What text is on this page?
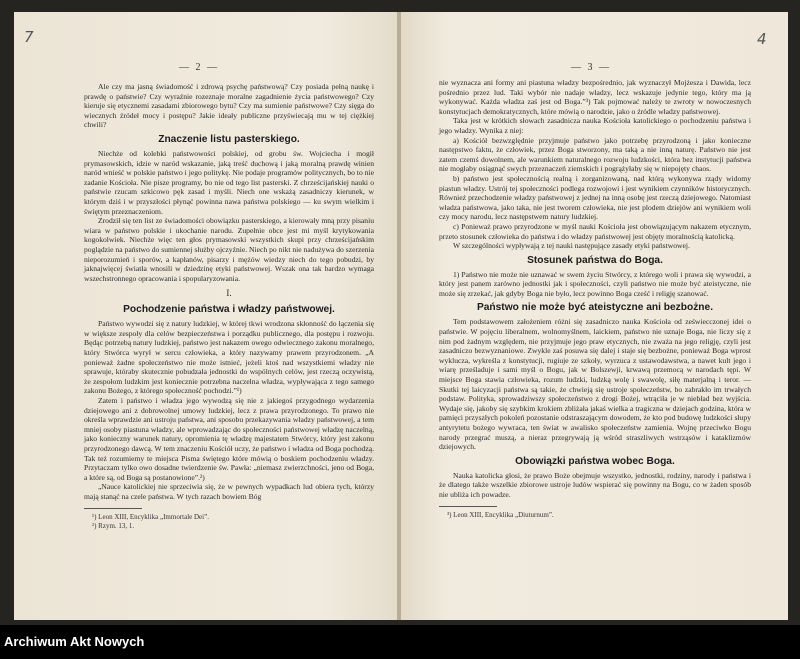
7
— 2 —

Ale czy ma jasną świadomość i zdrową psychę państwową? Czy posiada pełną naukę i prawdę o państwie? Czy wyraźnie rozeznaje moralne zagadnienie życia państwowego? Czy kieruje się etycznemi zasadami zbiorowego bytu? Czy ma sumienie państwowe? Czy sięga do wiecznych źródeł mocy i postępu? Jakie ideały publiczne przyświecają mu w tej ciężkiej chwili?

Znaczenie listu pasterskiego.

Niechże od kolebki państwowości polskiej, od grobu św. Wojciecha i mogił prymasowskich, idzie w naród wskazanie, jaką treść duchową i jaką moralną prawdę winien naród wnieść w polskie państwo i jego politykę. Nie podaje programów politycznych, bo to nie zadanie Kościoła. Nie pisze programy, bo nie od tego list pasterski. Z chrześcijańskiej nauki o państwie rzucam szkicowo pęk zasad i myśli. Niech one wskażą zasadniczy kierunek, w którym dziś i w przyszłości płynąć powinna nawa państwa polskiego — ku swym wielkim i świętym przeznaczeniom.

Zrodził się ten list ze świadomości obowiązku pasterskiego, a kierowały mną przy pisaniu wiara w państwo polskie i ukochanie narodu. Zupełnie obce jest mi myśl krytykowania kogokolwiek. Niechże więc ten głos prymasowski wszystkich skupi przy chrześcijańskim poglądzie na państwo do sumiennej służby ojczyźnie. Niech po nikt nie nadużywa do szerzenia nieporozumień i sporów, a kapłanów, pisarzy i mężów wiedzy niech do tego pobudzi, by jaknajwięcej światła wnosili w dziedzinę etyki państwowej. Wszak ona tak bardzo wymaga wszechstronnego opracowania i spopularyzowania.

I.
Pochodzenie państwa i władzy państwowej.

Państwo wywodzi się z natury ludzkiej, w której tkwi wrodzona skłonność do łączenia się w większe zespoły dla celów bezpieczeństwa i porządku publicznego, dla postępu i rozwoju. Będąc potrzebą natury ludzkiej, państwo jest nakazem owego odwiecznego zakonu moralnego, który Stwórca wyrył w sercu człowieka, a który nazywamy prawem przyrodzonem. „A ponieważ żadne społeczeństwo nie może istnieć, jeżeli ktoś nad wszystkiemi władzy nie sprawuje, któraby skutecznie pobudzała jednostki do wspólnych celów, jest rzeczą oczywistą, że zespołom ludzkim jest koniecznie potrzebna naczelna władza, wypływająca z tego samego zakonu Bożego, z którego społeczność pochodzi.”¹)

Zatem i państwo i władza jego wywodzą się nie z jakiegoś przygodnego wydarzenia dziejowego ani z dobrowolnej umowy ludzkiej, lecz z prawa przyrodzonego. To prawo nie określa wprawdzie ani ustroju państwa, ani sposobu przekazywania władzy państwowej, a tem mniej osoby piastuna władzy, ale wprowadzając do społeczności państwowej władzę naczelną, jako konieczny warunek natury, opromienia tę władzę majestatem Stwórcy, który jest zakonu przyrodzonego dawcą. W tem znaczeniu Kościół uczy, że państwo i władza od Boga pochodzą. Tak też rozumiemy te miejsca Pisma świętego które mówią o boskiem pochodzeniu władzy. Przytaczam tylko owo dosadne twierdzenie św. Pawła: „niemasz zwierzchności, jeno od Boga, a które są, od Boga są postanowione”.²)

„Nauce katolickiej nie sprzeciwia się, że w pewnych wypadkach lud obiera tych, którzy mają stanąć na czele państwa. W tych razach bowiem Bóg

¹) Leon XIII, Encyklika „Immortale Dei”.
²) Rzym. 13, 1.
4
— 3 —

nie wyznacza ani formy ani piastuna władzy bezpośrednio, jak wyznaczył Mojżesza i Dawida, lecz pośrednio przez lud. Taki wybór nie nadaje władzy, lecz wskazuje jedynie tego, który ma ją wykonywać. Każda władza zaś jest od Boga.”³) Tak pojmować należy te zwroty w nowoczesnych konstytucjach demokratycznych, które mówią o narodzie, jako o źródle władzy państwowej.

Taka jest w krótkich słowach zasadnicza nauka Kościoła katolickiego o pochodzeniu państwa i jego władzy. Wynika z niej:

a) Kościół bezwzględnie przyjmuje państwo jako potrzebę przyrodzoną i jako konieczne następstwo faktu, że człowiek, przez Boga stworzony, ma taką a nie inną naturę. Państwo nie jest zatem czemś dowolnem, ale warunkiem naturalnego rozwoju ludzkości, która bez instytucji państwa nie mogłaby osiągnąć swych przeznaczeń ziemskich i pogrążyłaby się w niepojęty chaos.

b) państwo jest społecznością realną i zorganizowaną, nad którą wykonywa rządy widomy piastun władzy. Ustrój tej społeczności podlega rozwojowi i jest wynikiem czynników historycznych. Również przechodzenie władzy państwowej z jednej na inną osobę jest rzeczą dziejowego. Natomiast władza państwowa, jako taka, nie jest tworem człowieka, nie jest plodem dziejów ani wynikiem woli czy mocy narodu, lecz następstwem natury ludzkiej.

c) Ponieważ prawo przyrodzone w myśl nauki Kościoła jest obowiązującym nakazem etycznym, przeto stosunek człowieka do państwa i do władzy państwowej jest objęty moralnością katolicką.

W szczególności wypływają z tej nauki następujące zasady etyki państwowej.

Stosunek państwa do Boga.

1) Państwo nie może nie uznawać w swem życiu Stwórcy, z którego woli i prawa się wywodzi, a który jest panem zarówno jednostki jak i społeczności, czyli państwo nie może być ateistyczne, nie może się zrzekać, jak gdyby Boga nie było, lecz powinno Boga cześć i religję szanować.

Państwo nie może być ateistyczne ani bezbożne.

Tem podstawowem założeniem różni się zasadniczo nauka Kościoła od zeświecczonej idei o państwie. W pojęciu liberalnem, wolnomyślnem, laickiem, państwo nie uznaje Boga, nie liczy się z nim pod żadnym względem, nie przyjmuje jego praw etycznych, nie zważa na jego religję, czyli jest zasadniczo bezwyznaniowe. Zwykle zaś posuwa się dalej i staje się bezbożne, ponieważ Boga wprost wyklucza, wykreśla z konstytucji, rugiuje ze szkoły, wyrzuca z ustawodawstwa, a nawet kult jego i wiarę prześladuje i sami myśl o Bogu, jak w Bolszewji, krwawą przemocą w narodach tępi. W miejsce Boga stawia człowieka, rozum ludzki, ludzką wolę i swawolę, siłę materjalną i teror. — Skutki tej laicyzacji państwa są takie, że chwieją się ustroje społeczeństw, bo zabrakło im trwałych podstaw. Polityka, sprowadziwszy społeczeństwo z drogi Bożej, wtrąciła je w niebład bez wyjścia. Wydaje się, jakoby się szybkim krokiem zbliżała jakaś wielka a tragiczna w dziejach godzina, która w pamięci przyszłych pokoleń pozostanie odstraszającym dowodem, że kto pod budowę ludzkości słupy antyrytetu bożego wywraca, ten świat w awalisko społeczeństw zamienia. Wojnę przeciwko Bogu narody przegrać muszą, a nieraz przegrywają ją wśród straszliwych wstrząsów i kataklizmów dziejowych.

Obowiązki państwa wobec Boga.

Nauka katolicka głosi, że prawo Boże obejmuje wszystko, jednostki, rodziny, narody i państwa i że dlatego także wszelkie zbiorowe ustroje ludów wspierać się powinny na Bogu, co w żaden sposób nie ubliża ich powadze.

³) Leon XIII, Encyklika „Diuturnum”.
Archiwum Akt Nowych
